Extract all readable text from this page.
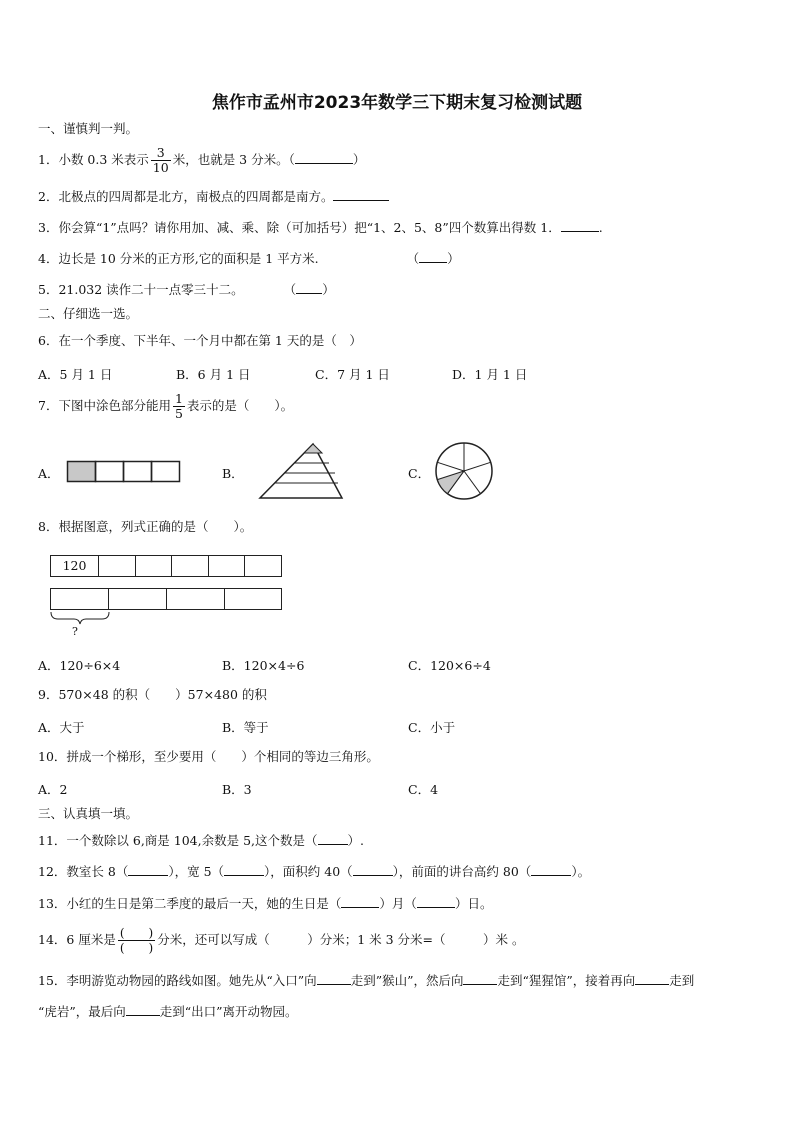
焦作市孟州市2023年数学三下期末复习检测试题
一、谨慎判一判。
1．小数 0.3 米表示 $\frac{3}{10}$ 米，也就是 3 分米。（	）
2．北极点的四周都是北方，南极点的四周都是南方。
3．你会算“1”点吗？请你用加、减、乘、除（可加括号）把“1、2、5、8”四个数算出得数 1．	.
4．边长是 10 分米的正方形,它的面积是 1 平方米.	（ ）
5．21.032 读作二十一点零三十二。	（ ）
二、仔细选一选。
6．在一个季度、下半年、一个月中都在第 1 天的是（　）
A．5 月 1 日	B．6 月 1 日	C．7 月 1 日	D．1 月 1 日
7．下图中涂色部分能用 $\frac{1}{5}$ 表示的是（　　）。
A．	B．	C．
8．根据图意，列式正确的是（　　）。
120
?
A．120÷6×4	B．120×4÷6	C．120×6÷4
9．570×48 的积（　　）57×480 的积
A．大于	B．等于	C．小于
10．拼成一个梯形，至少要用（　　）个相同的等边三角形。
A．2	B．3	C．4
三、认真填一填。
11．一个数除以 6,商是 104,余数是 5,这个数是（ ）.
12．教室长 8（	），宽 5（	），面积约 40（	），前面的讲台高约 80（	）。
13．小红的生日是第二季度的最后一天，她的生日是（	）月（	）日。
14．6 厘米是 $\frac{( )}{( )}$ 分米，还可以写成（　　　）分米；1 米 3 分米=（　　　）米 。
15．李明游览动物园的路线如图。她先从“入口”向	走到”猴山”，然后向	走到“猩猩馆”，接着再向	走到
“虎岩”，最后向	走到“出口”离开动物园。
